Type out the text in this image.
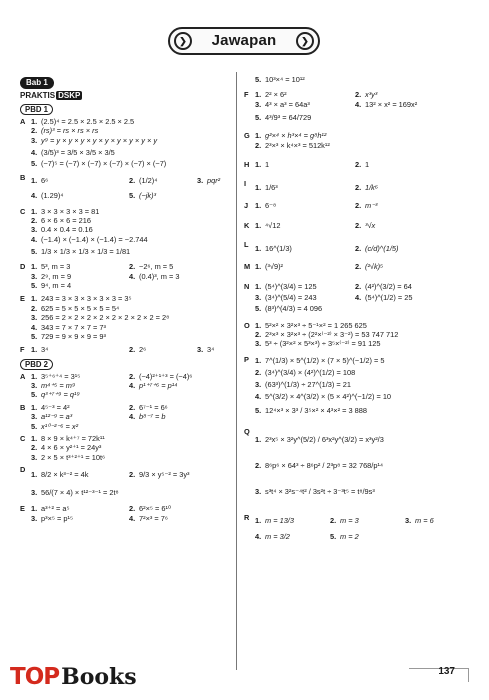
❯	Jawapan	❯
Bab 1
PRAKTIS DSKP
PBD 1
A 1. (2.5)⁴ = 2.5 × 2.5 × 2.5 × 2.5
2. (rs)³ = rs × rs × rs
3. y⁹ = y × y × y × y × y × y × y × y × y
4. (3/5)³ = 3/5 × 3/5 × 3/5
5. (−7)⁵ = (−7) × (−7) × (−7) × (−7) × (−7)
B 1. 6⁶	2. (1/2)⁴	3. pqr²
4. (1.29)⁴	5. (−jk)³
C 1. 3 × 3 × 3 × 3 = 81
2. 6 × 6 × 6 = 216
3. 0.4 × 0.4 = 0.16
4. (−1.4) × (−1.4) × (−1.4) = −2.744
5. 1/3 × 1/3 × 1/3 × 1/3 = 1/81
D 1. 5³, m = 3	2. −2⁶, m = 5
3. 2⁹, m = 9	4. (0.4)³, m = 3
5. 9⁴, m = 4
E 1. 243 = 3 × 3 × 3 × 3 × 3 = 3⁵
2. 625 = 5 × 5 × 5 × 5 = 5⁴
3. 256 = 2 × 2 × 2 × 2 × 2 × 2 × 2 × 2 = 2⁸
4. 343 = 7 × 7 × 7 = 7³
5. 729 = 9 × 9 × 9 = 9³
F 1. 3⁴	2. 2⁶	3. 3⁴
PBD 2
A 1. 3⁵⁺⁶⁺⁴ = 3¹⁵	2. (−4)²⁺¹⁺³ = (−4)⁶
3. m⁴⁺⁵ = m⁹	4. p¹⁺⁷⁺⁶ = p¹⁴
5. q³⁺⁷⁺⁹ = q¹⁹
B 1. 4⁵⁻³ = 4²	2. 6⁷⁻¹ = 6⁶
3. a¹²⁻⁹ = a³	4. b⁸⁻⁷ = b
5. x¹⁰⁻²⁻⁶ = x²
C 1. 8 × 9 × k⁴⁺⁷ = 72k¹¹
2. 4 × 6 × y²⁺¹ = 24y³
3. 2 × 5 × t³⁺²⁺¹ = 10t⁶
D 1. 8/2 × k³⁻² = 4k	2. 9/3 × y⁵⁻² = 3y³
3. 56/(7 × 4) × t¹²⁻³⁻¹ = 2t⁸
E 1. a³⁺² = a⁵	2. 6²×⁵ = 6¹⁰
3. p³×⁵ = p¹⁵	4. 7²×³ = 7⁶
5. 10³×⁴ = 10¹²
F 1. 2² × 6²	2. x³y³
3. 4³ × a³ = 64a³	4. 13² × x² = 169x²
5. 4³/9³ = 64/729
G 1. g²×⁴ × h³×⁴ = g⁸h¹²
2. 2³×³ × k⁴×³ = 512k¹²
H 1. 1	2. 1
I	1. 1/6³	2. 1/k⁶
J 1. 6⁻⁸	2. m⁻³
K 1. ⁴√12	2. ³√x
L 1. 16^(1/3)	2. (c/d)^(1/5)
M 1. (³√9)²	2. (²√k)⁵
N 1. (5⁴)^(3/4) = 125	2. (4²)^(3/2) = 64
3. (3⁴)^(5/4) = 243	4. (5⁴)^(1/2) = 25
5. (8³)^(4/3) = 4 096
O 1. 5²×² × 3²×³ ÷ 5⁻¹×² = 1 265 625
2. 2³×³ × 3²×³ ÷ (2²×⁽⁻²⁾ × 3⁻²) = 53 747 712
3. 5³ ÷ (3²×² × 5³×³) ÷ 3⁵×⁽⁻²⁾ = 91 125
P 1. 7^(1/3) × 5^(1/2) × (7 × 5)^(−1/2) = 5
2. (3⁴)^(3/4) × (4²)^(1/2) = 108
3. (63³)^(1/3) ÷ 27^(1/3) = 21
4. 5^(3/2) × 4^(3/2) × (5 × 4²)^(−1/2) = 10
5. 12⁴×³ × 3³ / 3⁵×² × 4³×² = 3 888
Q
1. 2³x⁵ × 3²y^(5/2) / 6³x²y^(3/2) = x³y²/3
2. 8⁶p⁶ × 64³ ÷ 8⁶p² / 2³p⁸ = 32 768/p¹⁴
3. s³t⁴ × 3²s⁻⁴t² / 3s²t ÷ 3⁻³t⁵ = t⁸/9s³
R 1. m = 13/3	2. m = 3	3. m = 6
4. m = 3/2	5. m = 2
137
TOP Books
